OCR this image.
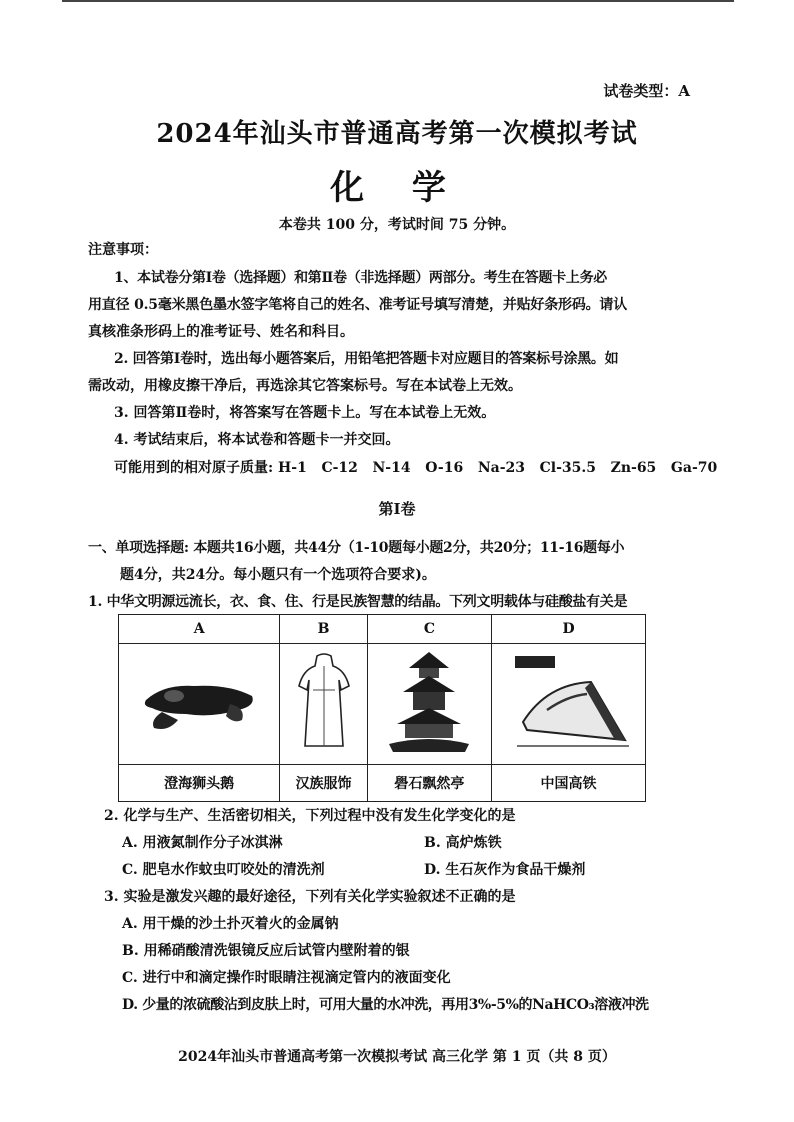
试卷类型：A
2024年汕头市普通高考第一次模拟考试
化 学
本卷共 100 分，考试时间 75 分钟。
注意事项：
1、本试卷分第Ⅰ卷（选择题）和第Ⅱ卷（非选择题）两部分。考生在答题卡上务必
用直径 0.5毫米黑色墨水签字笔将自己的姓名、准考证号填写清楚，并贴好条形码。请认
真核准条形码上的准考证号、姓名和科目。
2. 回答第Ⅰ卷时，选出每小题答案后，用铅笔把答题卡对应题目的答案标号涂黑。如
需改动，用橡皮擦干净后，再选涂其它答案标号。写在本试卷上无效。
3. 回答第Ⅱ卷时，将答案写在答题卡上。写在本试卷上无效。
4. 考试结束后，将本试卷和答题卡一并交回。
可能用到的相对原子质量: H-1   C-12   N-14   O-16   Na-23   Cl-35.5   Zn-65   Ga-70
第Ⅰ卷
一、单项选择题: 本题共16小题，共44分（1-10题每小题2分，共20分；11-16题每小
题4分，共24分。每小题只有一个选项符合要求)。
1. 中华文明源远流长，衣、食、住、行是民族智慧的结晶。下列文明载体与硅酸盐有关是
A	B	C	D

澄海狮头鹅	汉族服饰	礐石飘然亭	中国高铁
2. 化学与生产、生活密切相关，下列过程中没有发生化学变化的是
A. 用液氮制作分子冰淇淋	B. 高炉炼铁
C. 肥皂水作蚊虫叮咬处的清洗剂	D. 生石灰作为食品干燥剂
3. 实验是激发兴趣的最好途径，下列有关化学实验叙述不正确的是
A. 用干燥的沙土扑灭着火的金属钠
B. 用稀硝酸清洗银镜反应后试管内壁附着的银
C. 进行中和滴定操作时眼睛注视滴定管内的液面变化
D. 少量的浓硫酸沾到皮肤上时，可用大量的水冲洗，再用3%-5%的NaHCO₃溶液冲洗
2024年汕头市普通高考第一次模拟考试 高三化学 第 1 页（共 8 页）
